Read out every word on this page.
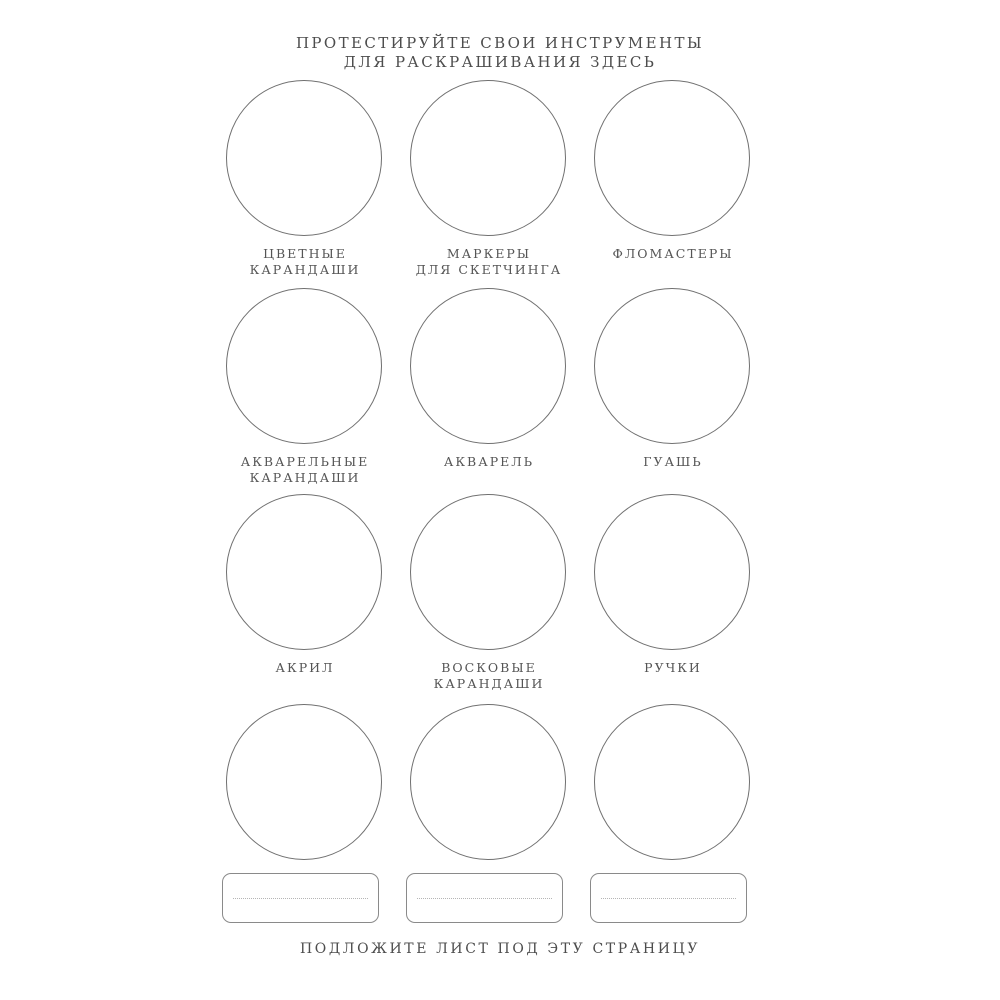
ПРОТЕСТИРУЙТЕ СВОИ ИНСТРУМЕНТЫ
ДЛЯ РАСКРАШИВАНИЯ ЗДЕСЬ
ЦВЕТНЫЕ
КАРАНДАШИ
МАРКЕРЫ
ДЛЯ СКЕТЧИНГА
ФЛОМАСТЕРЫ
АКВАРЕЛЬНЫЕ
КАРАНДАШИ
АКВАРЕЛЬ	ГУАШЬ
АКРИЛ	ВОСКОВЫЕ
КАРАНДАШИ
РУЧКИ
ПОДЛОЖИТЕ ЛИСТ ПОД ЭТУ СТРАНИЦУ
